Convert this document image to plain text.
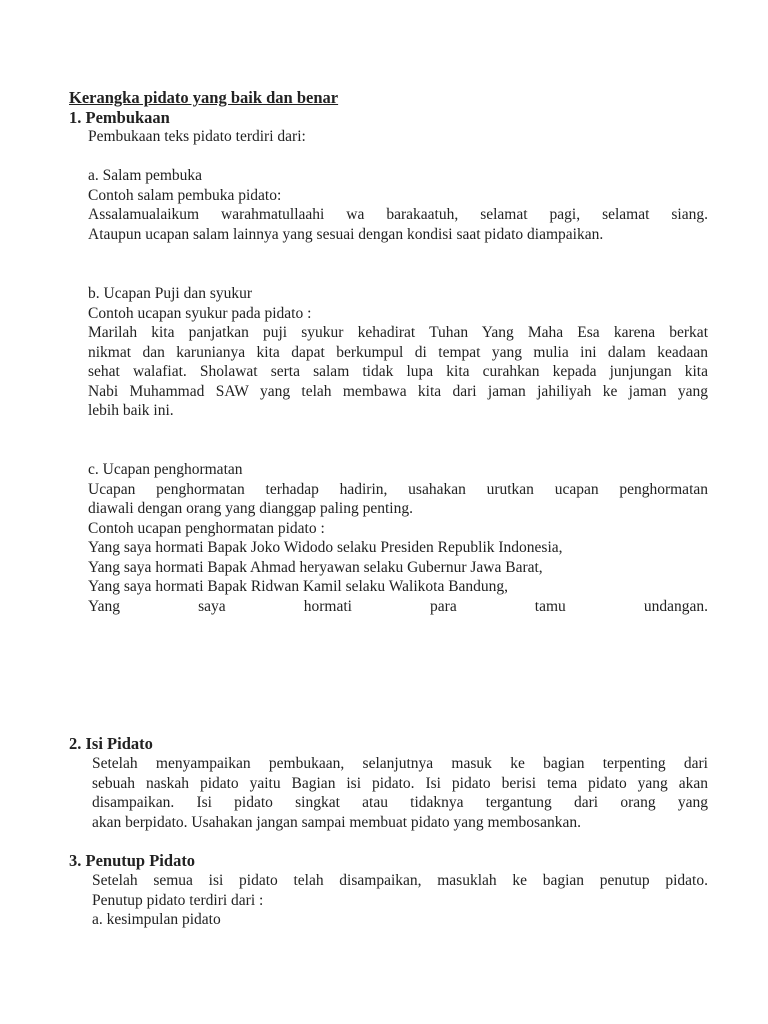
Kerangka pidato yang baik dan benar
1. Pembukaan
Pembukaan teks pidato terdiri dari:
a. Salam pembuka
Contoh salam pembuka pidato:
Assalamualaikum warahmatullaahi wa barakaatuh, selamat pagi, selamat siang.
Ataupun ucapan salam lainnya yang sesuai dengan kondisi saat pidato diampaikan.
b. Ucapan Puji dan syukur
Contoh ucapan syukur pada pidato :
Marilah kita panjatkan puji syukur kehadirat Tuhan Yang Maha Esa karena berkat
nikmat dan karunianya kita dapat berkumpul di tempat yang mulia ini dalam keadaan
sehat walafiat. Sholawat serta salam tidak lupa kita curahkan kepada junjungan kita
Nabi Muhammad SAW yang telah membawa kita dari jaman jahiliyah ke jaman yang
lebih baik ini.
c. Ucapan penghormatan
Ucapan penghormatan terhadap hadirin, usahakan urutkan ucapan penghormatan
diawali dengan orang yang dianggap paling penting.
Contoh ucapan penghormatan pidato :
Yang saya hormati Bapak Joko Widodo selaku Presiden Republik Indonesia,
Yang saya hormati Bapak Ahmad heryawan selaku Gubernur Jawa Barat,
Yang saya hormati Bapak Ridwan Kamil selaku Walikota Bandung,
Yang saya hormati para tamu undangan.
2. Isi Pidato
Setelah menyampaikan pembukaan, selanjutnya masuk ke bagian terpenting dari
sebuah naskah pidato yaitu Bagian isi pidato. Isi pidato berisi tema pidato yang akan
disampaikan. Isi pidato singkat atau tidaknya tergantung dari orang yang
akan berpidato. Usahakan jangan sampai membuat pidato yang membosankan.
3. Penutup Pidato
Setelah semua isi pidato telah disampaikan, masuklah ke bagian penutup pidato.
Penutup pidato terdiri dari :
a. kesimpulan pidato
